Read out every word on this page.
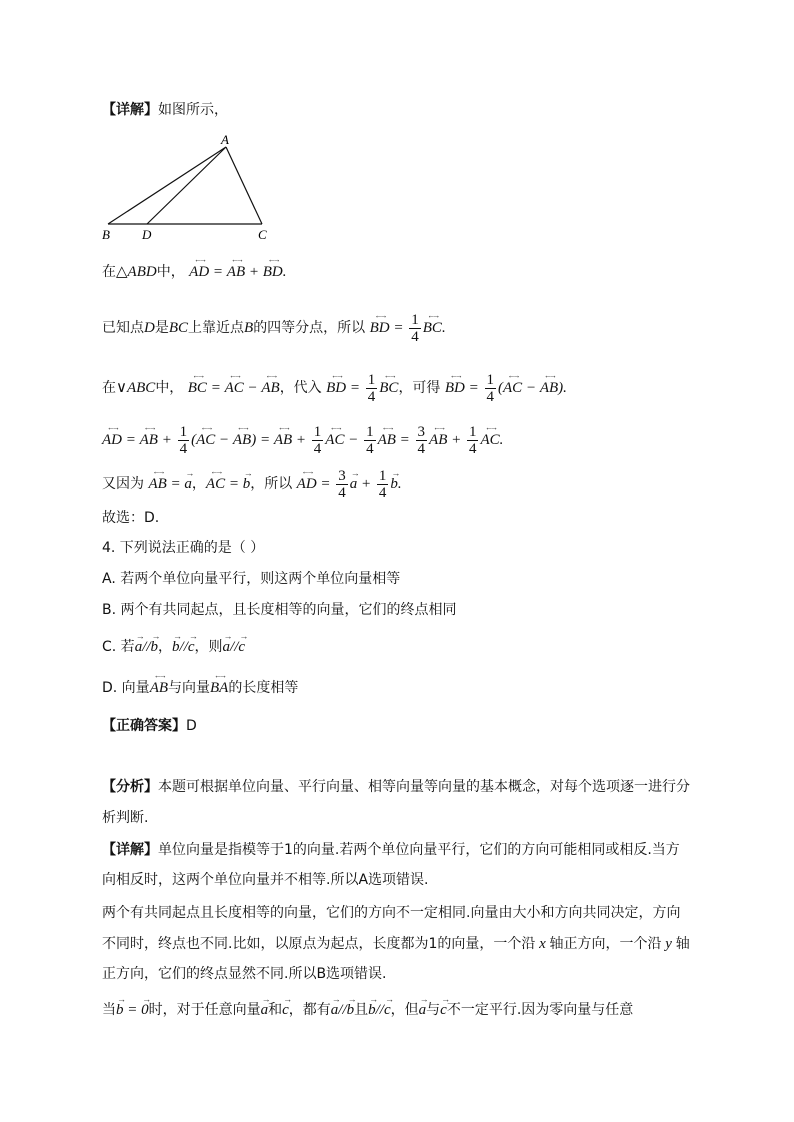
【详解】如图所示，
A
B D	C
在△ABD中， ←→ AD = ←→ AB + ←→ BD.
已知点D是BC上靠近点B的四等分点，所以 ←→ BD = $\frac{1}{4}$
←→ BC.
在∨ABC中， ←→ BC = ←→ AC − ←→ AB，代入 ←→ BD = $\frac{1}{4}$
←→ BC，可得 ←→ BD = $\frac{1}{4}$ (←→ AC − ←→ AB).
←→ AD = ←→ AB + $\frac{1}{4}$ (←→ AC − ←→ AB) = ←→ AB + $\frac{1}{4}$
←→ AC − $\frac{1}{4}$
←→ AB = $\frac{3}{4}$
←→ AB + $\frac{1}{4}$
←→ AC.
又因为 ←→ AB = → a，←→ AC = → b，所以 ←→ AD = $\frac{3}{4}$
→ $a + \frac{1}{4}$
→ b.
故选：D.
4. 下列说法正确的是（ ）
A. 若两个单位向量平行，则这两个单位向量相等
B. 两个有共同起点，且长度相等的向量，它们的终点相同
C. 若→ a//→ b，→ b//→ c，则→ a//→ c
D. 向量←→ AB与向量←→ BA的长度相等
【正确答案】D
【分析】本题可根据单位向量、平行向量、相等向量等向量的基本概念，对每个选项逐一进行分
析判断.
【详解】单位向量是指模等于1的向量.若两个单位向量平行，它们的方向可能相同或相反.当方
向相反时，这两个单位向量并不相等.所以A选项错误.
两个有共同起点且长度相等的向量，它们的方向不一定相同.向量由大小和方向共同决定，方向
不同时，终点也不同.比如，以原点为起点，长度都为1的向量，一个沿 x 轴正方向，一个沿 y 轴
正方向，它们的终点显然不同.所以B选项错误.
当→ b = → 0时，对于任意向量→ a和→ c，都有→ a//→ b且→ b//→ c，但→ a与→ c不一定平行.因为零向量与任意
